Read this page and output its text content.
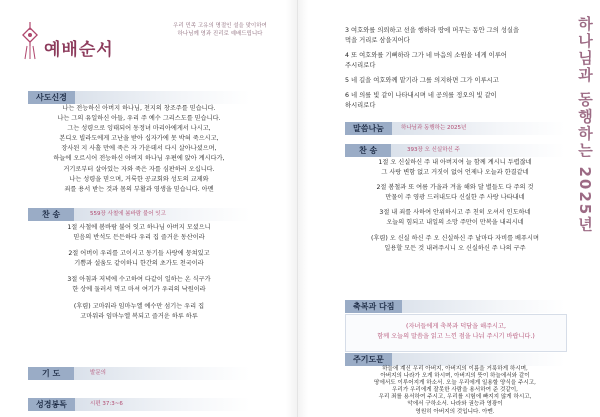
예배순서
우리 민족 고유의 명절인 설을 맞이하여
하나님께 영과 진리로 예배드립니다
사도신경
나는 전능하신 아버지 하나님, 천지의 창조주를 믿습니다.
나는 그의 유일하신 아들, 우리 주 예수 그리스도를 믿습니다.
그는 성령으로 잉태되어 동정녀 마리아에게서 나시고,
본디오 빌라도에게 고난을 받아 십자가에 못 박혀 죽으시고,
장사된 지 사흘 만에 죽은 자 가운데서 다시 살아나셨으며,
하늘에 오르시어 전능하신 아버지 하나님 우편에 앉아 계시다가,
거기로부터 살아있는 자와 죽은 자를 심판하러 오십니다.
나는 성령을 믿으며, 거룩한 공교회와 성도의 교제와
죄를 용서 받는 것과 몸의 부활과 영생을 믿습니다. 아멘
찬 송	559장 사철에 봄바람 불어 잇고
1절 사철에 봄바람 불어 잇고 하나님 아버지 모셨으니
믿음의 반석도 든든하다 우리 집 즐거운 동산이라
2절 어버이 우리를 고이시고 동기들 사랑에 뭉쳐있고
기쁨과 설움도 같이하니 한간의 초가도 천국이라
3절 아침과 저녁에 수고하여 다같이 일하는 온 식구가
한 상에 둘러서 먹고 마셔 여기가 우리의 낙원이라
(후렴) 고마워라 임마누엘 예수만 섬기는 우리 집
고마워라 임마누엘 복되고 즐거운 하루 하루
기 도	발문의
성경봉독	시편 37:3~6
3 여호와를 의뢰하고 선을 행하라 땅에 머무는 동안 그의 성실을
먹을 거리로 삼을지어다
4 또 여호와를 기뻐하라 그가 네 마음의 소원을 네게 이루어
주시리로다
5 네 길을 여호와께 맡기라 그를 의지하면 그가 이루시고
6 네 의를 빛 같이 나타내시며 네 공의를 정오의 빛 같이
하시리로다	하나님과 동행하는 2025년
말씀나눔	하나님과 동행하는 2025년
찬 송	393장 오 신실하신 주
1절 오 신실하신 주 내 아버지여 늘 함께 계시니 두렵잖네
그 사랑 변함 없고 거짓이 없어 언제나 오늘과 한결같네
2절 봄철과 또 여름 가을과 겨울 해와 달 별들도 다 주의 것
만물이 주 영광 드러내도다 신실한 주 사랑 나타내네
3절 내 죄를 사하여 안위하시고 주 친히 오셔서 인도하네
오늘의 힘되고 내일의 소망 주만이 만복을 내리시네
(후렴) 오 신실 하신 주 오 신실하신 주 날마다 자비를 베푸시며
일용할 모든 것 내려주시니 오 신실하신 주 나의 구주
축복과 다짐
(자녀들에게 축복과 덕담을 해주시고,
함께 오늘의 말씀을 읽고 느낀 점을 나눠 주시기 바랍니다.)
주기도문
하늘에 계신 우리 아버지, 아버지의 이름을 거룩하게 하시며,
아버지의 나라가 오게 하시며, 아버지의 뜻이 하늘에서와 같이
땅에서도 이루어지게 하소서. 오늘 우리에게 일용할 양식을 주시고,
우리가 우리에게 잘못한 사람을 용서하여 준 것같이,
우리 죄를 용서하여 주시고, 우리를 시험에 빠지지 않게 하시고,
악에서 구하소서. 나라와 권능과 영광이
영원히 아버지의 것입니다. 아멘.
